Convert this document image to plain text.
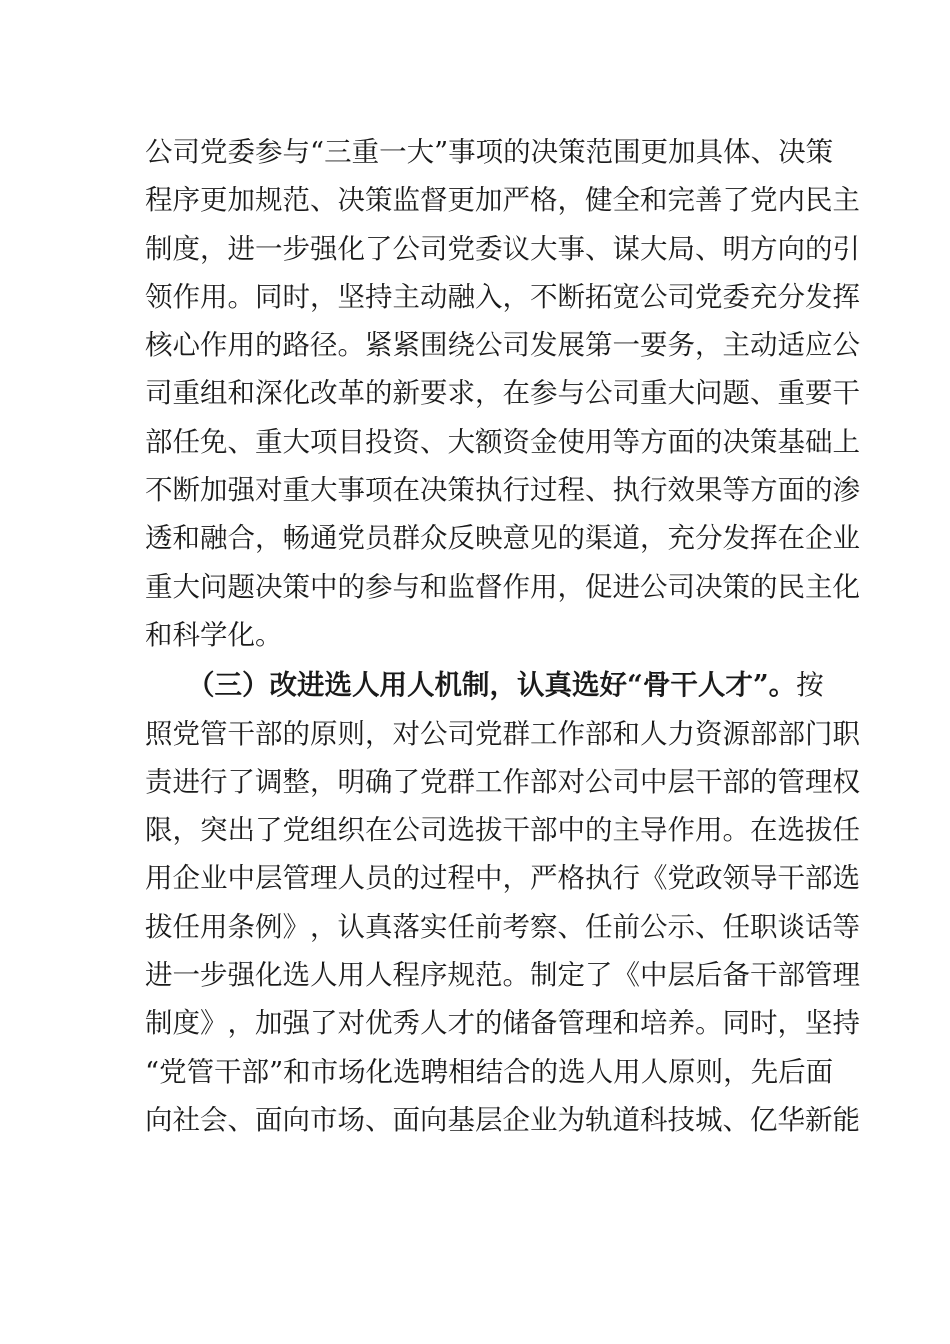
公 司 党 委 参 与 “ 三 重 一 大 ” 事 项 的 决 策 范 围 更 加 具 体 、 决 策
程 序 更 加 规 范 、 决 策 监 督 更 加 严 格 ， 健 全 和 完 善 了 党 内 民 主
制 度 ， 进 一 步 强 化 了 公 司 党 委 议 大 事 、 谋 大 局 、 明 方 向 的 引
领 作 用 。 同 时 ， 坚 持 主 动 融 入 ， 不 断 拓 宽 公 司 党 委 充 分 发 挥
核 心 作 用 的 路 径 。 紧 紧 围 绕 公 司 发 展 第 一 要 务 ， 主 动 适 应 公
司 重 组 和 深 化 改 革 的 新 要 求 ， 在 参 与 公 司 重 大 问 题 、 重 要 干
部 任 免 、 重 大 项 目 投 资 、 大 额 资 金 使 用 等 方 面 的 决 策 基 础 上
不 断 加 强 对 重 大 事 项 在 决 策 执 行 过 程 、 执 行 效 果 等 方 面 的 渗
透 和 融 合 ， 畅 通 党 员 群 众 反 映 意 见 的 渠 道 ， 充 分 发 挥 在 企 业
重 大 问 题 决 策 中 的 参 与 和 监 督 作 用 ， 促 进 公 司 决 策 的 民 主 化
和科学化。
（三）改进选人用人机制，认真选好“骨干人才”。按
照 党 管 干 部 的 原 则 ， 对 公 司 党 群 工 作 部 和 人 力 资 源 部 部 门 职
责 进 行 了 调 整 ， 明 确 了 党 群 工 作 部 对 公 司 中 层 干 部 的 管 理 权
限 ， 突 出 了 党 组 织 在 公 司 选 拔 干 部 中 的 主 导 作 用 。 在 选 拔 任
用 企 业 中 层 管 理 人 员 的 过 程 中 ， 严 格 执 行 《 党 政 领 导 干 部 选
拔 任 用 条 例 》 ， 认 真 落 实 任 前 考 察 、 任 前 公 示 、 任 职 谈 话 等
进 一 步 强 化 选 人 用 人 程 序 规 范 。 制 定 了 《 中 层 后 备 干 部 管 理
制 度 》 ， 加 强 了 对 优 秀 人 才 的 储 备 管 理 和 培 养 。 同 时 ， 坚 持
“ 党 管 干 部 ” 和 市 场 化 选 聘 相 结 合 的 选 人 用 人 原 则 ， 先 后 面
向 社 会 、 面 向 市 场 、 面 向 基 层 企 业 为 轨 道 科 技 城 、 亿 华 新 能
